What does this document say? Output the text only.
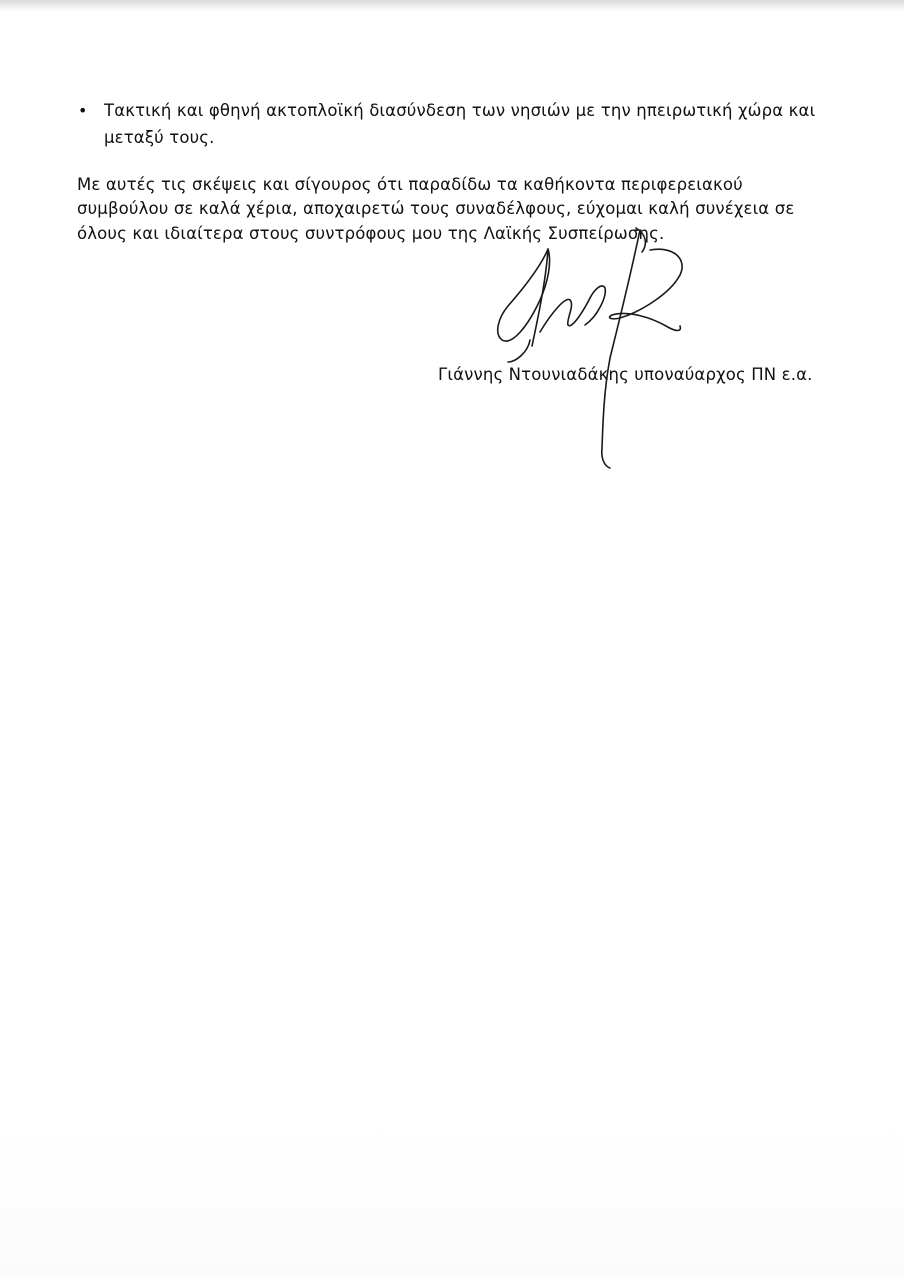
• Τακτική και φθηνή ακτοπλοϊκή διασύνδεση των νησιών με την ηπειρωτική χώρα και
μεταξύ τους.
Με αυτές τις σκέψεις και σίγουρος ότι παραδίδω τα καθήκοντα περιφερειακού
συμβούλου σε καλά χέρια, αποχαιρετώ τους συναδέλφους, εύχομαι καλή συνέχεια σε
όλους και ιδιαίτερα στους συντρόφους μου της Λαϊκής Συσπείρωσης.
Γιάννης Ντουνιαδάκης υποναύαρχος ΠΝ ε.α.
